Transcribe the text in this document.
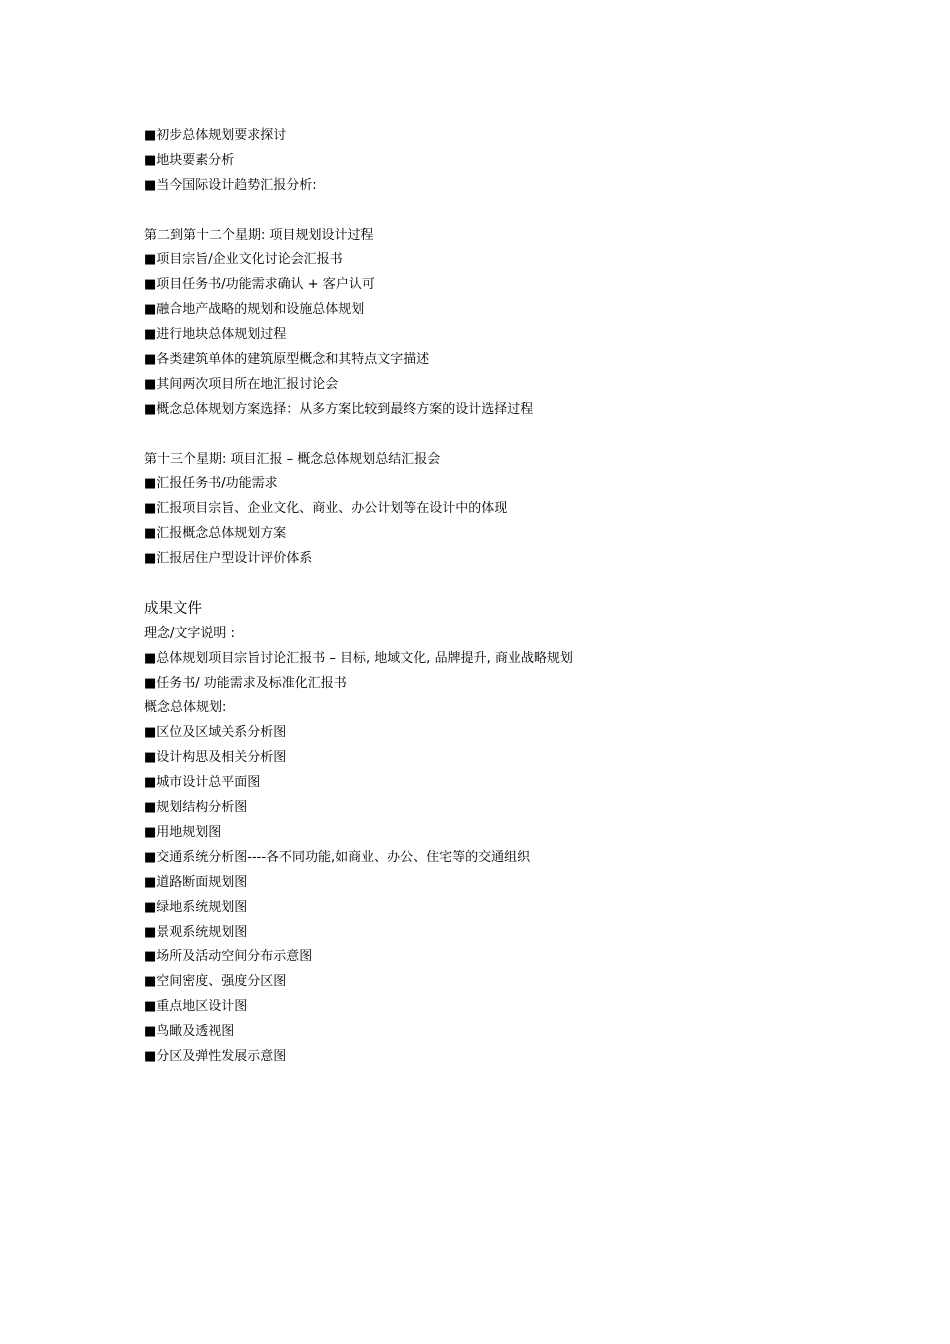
■初步总体规划要求探讨
■地块要素分析
■当今国际设计趋势汇报分析:
第二到第十二个星期: 项目规划设计过程
■项目宗旨/企业文化讨论会汇报书
■项目任务书/功能需求确认 + 客户认可
■融合地产战略的规划和设施总体规划
■进行地块总体规划过程
■各类建筑单体的建筑原型概念和其特点文字描述
■其间两次项目所在地汇报讨论会
■概念总体规划方案选择：从多方案比较到最终方案的设计选择过程
第十三个星期: 项目汇报 – 概念总体规划总结汇报会
■汇报任务书/功能需求
■汇报项目宗旨、企业文化、商业、办公计划等在设计中的体现
■汇报概念总体规划方案
■汇报居住户型设计评价体系
成果文件
理念/文字说明 :
■总体规划项目宗旨讨论汇报书 – 目标, 地域文化, 品牌提升, 商业战略规划
■任务书/ 功能需求及标准化汇报书
概念总体规划:
■区位及区域关系分析图
■设计构思及相关分析图
■城市设计总平面图
■规划结构分析图
■用地规划图
■交通系统分析图----各不同功能,如商业、办公、住宅等的交通组织
■道路断面规划图
■绿地系统规划图
■景观系统规划图
■场所及活动空间分布示意图
■空间密度、强度分区图
■重点地区设计图
■鸟瞰及透视图
■分区及弹性发展示意图
